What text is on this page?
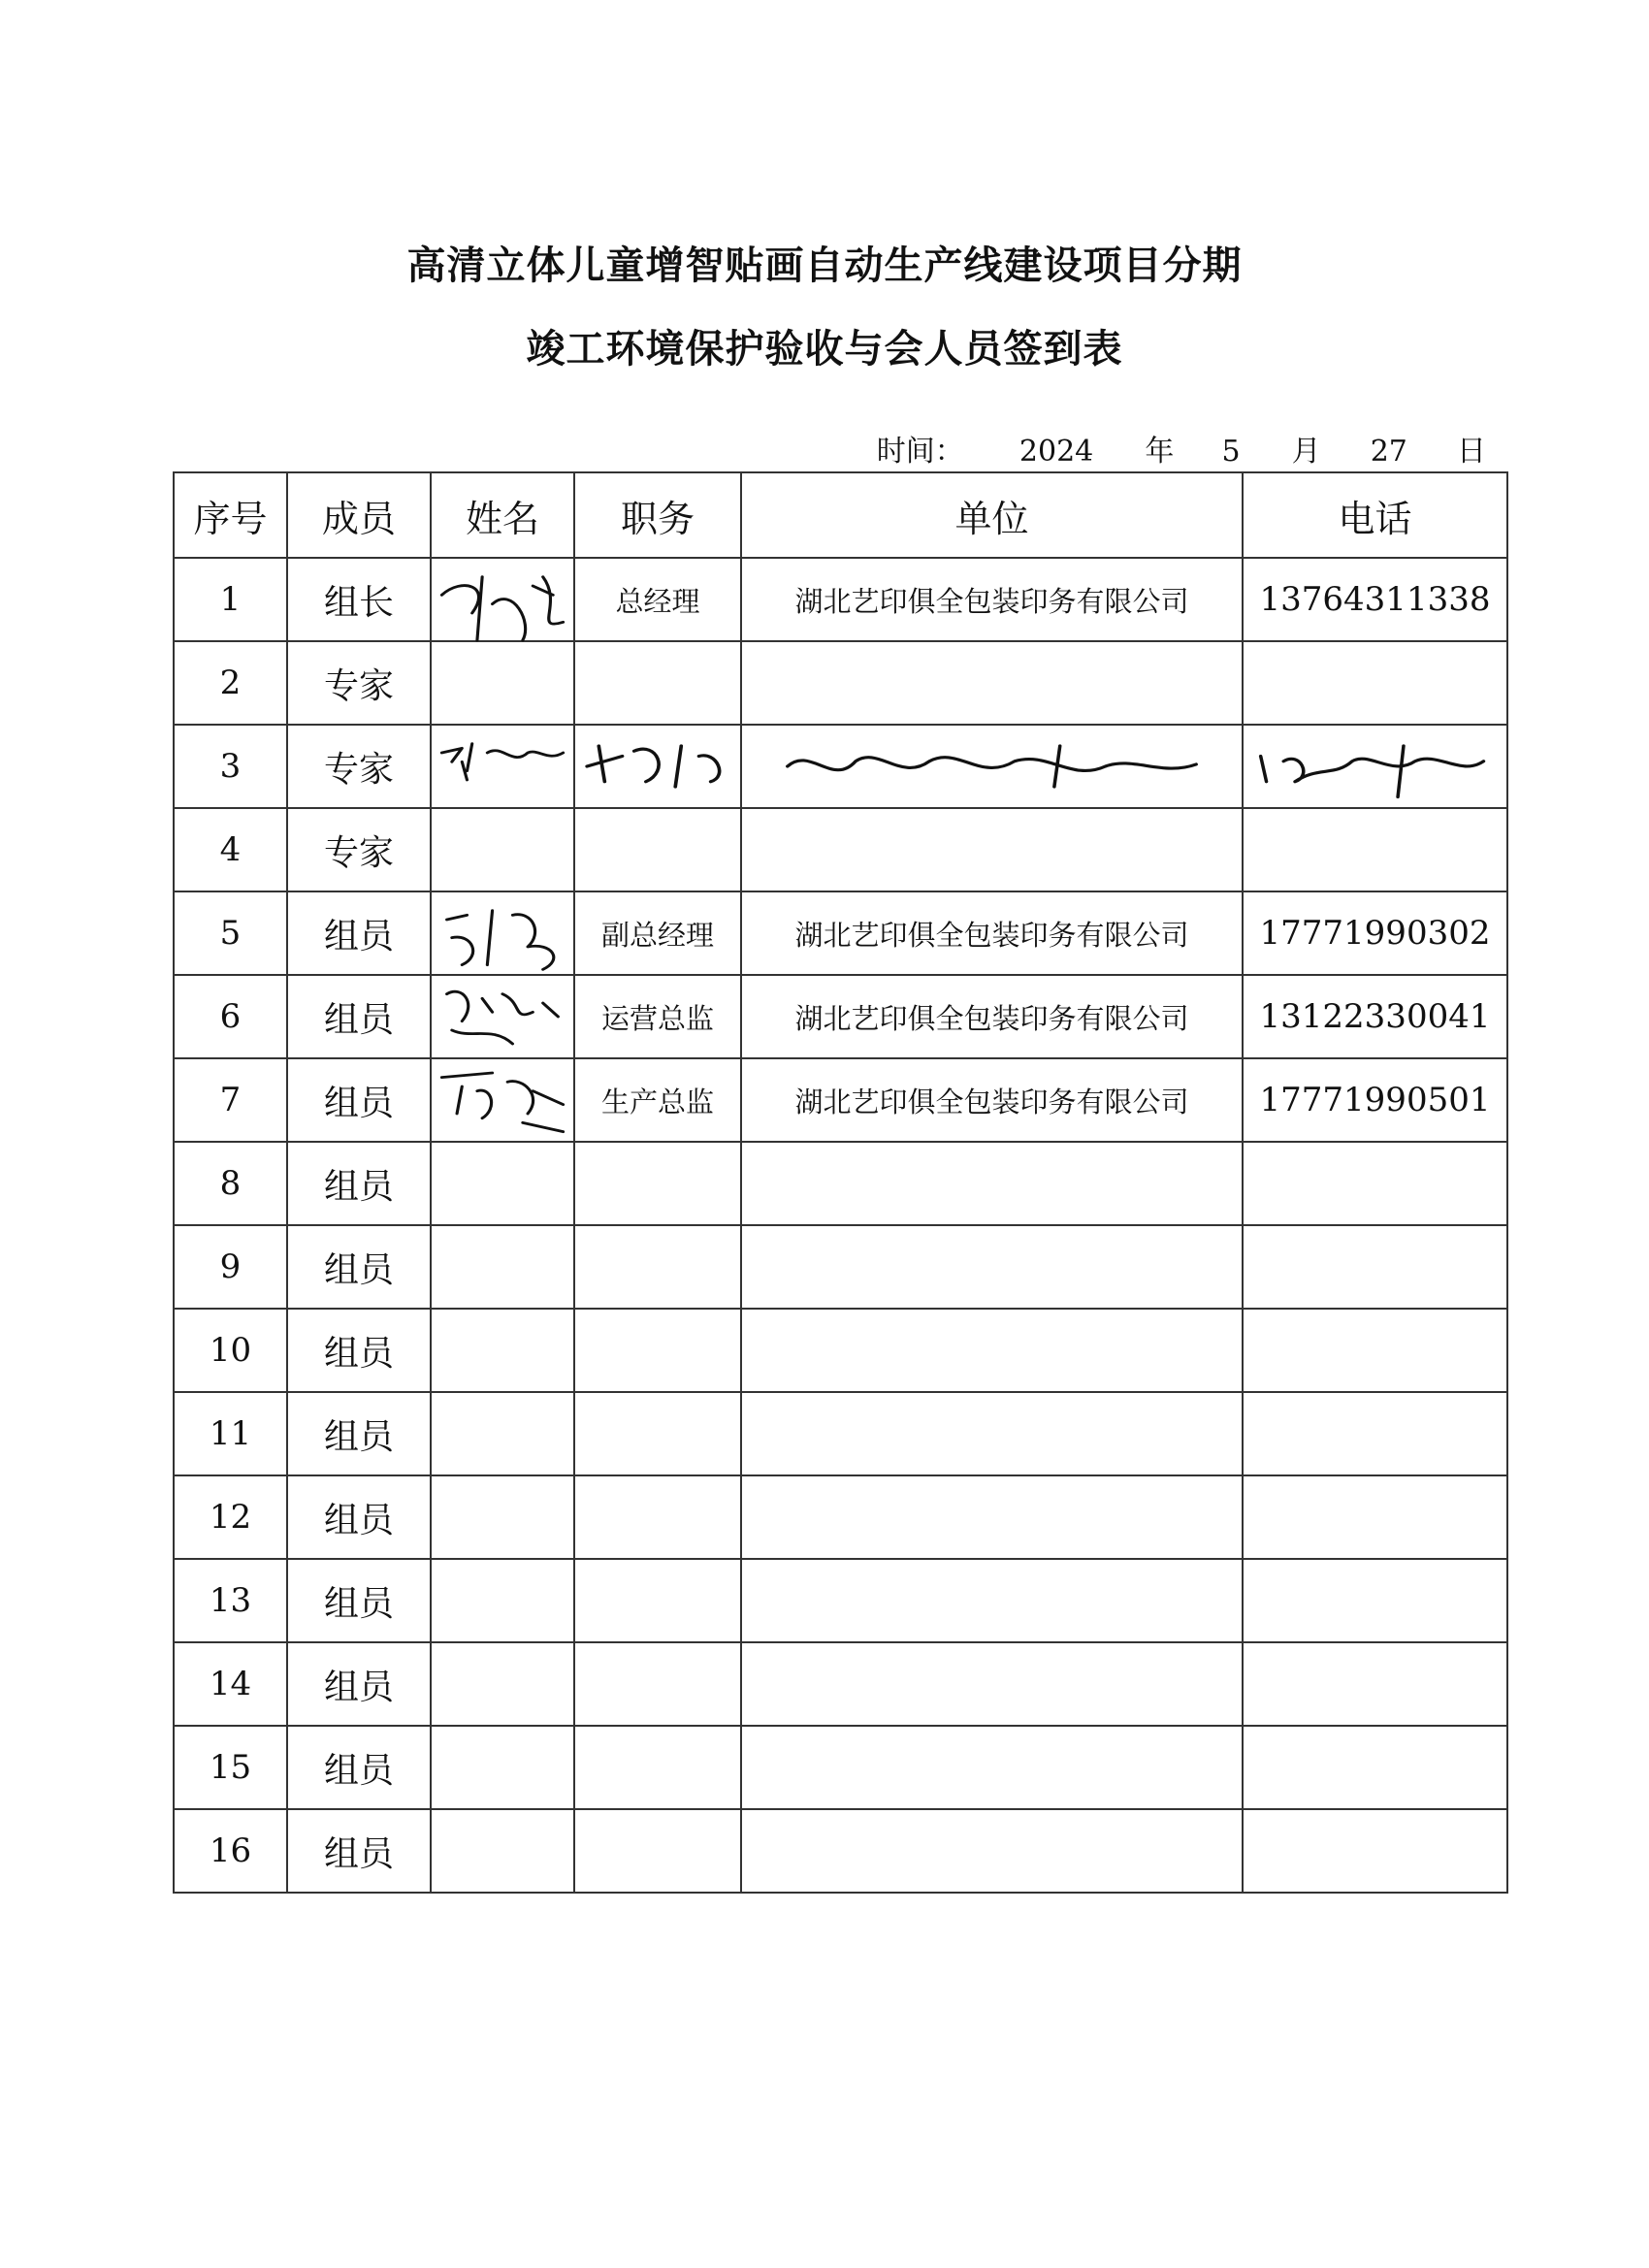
高清立体儿童增智贴画自动生产线建设项目分期
竣工环境保护验收与会人员签到表
时间： 2024 年 5 月 27 日
序号	成员	姓名	职务	单位	电话
1	组长		总经理	湖北艺印俱全包装印务有限公司	13764311338
2	专家				
3	专家	

4	专家				
5	组员		副总经理	湖北艺印俱全包装印务有限公司	17771990302
6	组员		运营总监	湖北艺印俱全包装印务有限公司	13122330041
7	组员		生产总监	湖北艺印俱全包装印务有限公司	17771990501
8	组员				
9	组员				
10	组员				
11	组员				
12	组员				
13	组员				
14	组员				
15	组员				
16	组员				
